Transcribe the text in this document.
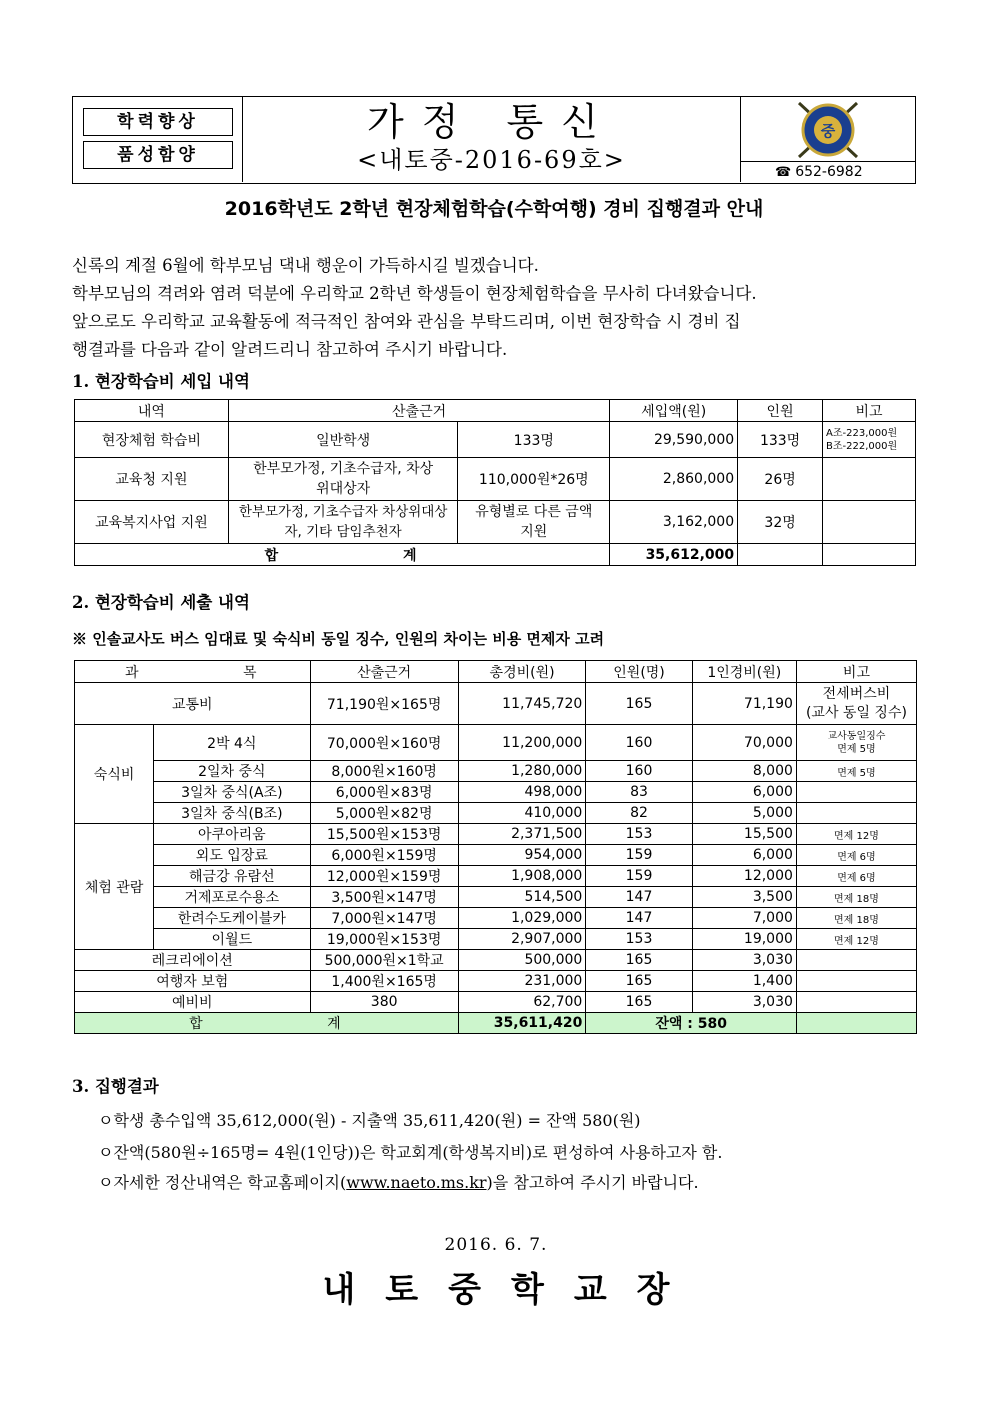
학력향상
품성함양
가정 통신
<내토중-2016-69호>
중
☎ 652-6982
2016학년도 2학년 현장체험학습(수학여행) 경비 집행결과 안내
신록의 계절 6월에 학부모님 댁내 행운이 가득하시길 빌겠습니다.
학부모님의 격려와 염려 덕분에 우리학교 2학년 학생들이 현장체험학습을 무사히 다녀왔습니다.
앞으로도 우리학교 교육활동에 적극적인 참여와 관심을 부탁드리며, 이번 현장학습 시 경비 집
행결과를 다음과 같이 알려드리니 참고하여 주시기 바랍니다.
1. 현장학습비 세입 내역
내역	산출근거		세입액(원)	인원	비고
현장체험 학습비	일반학생	133명	29,590,000	133명	A조-223,000원
B조-222,000원

교육청 지원	한부모가정, 기초수급자, 차상위대상자	110,000원*26명	2,860,000	26명	
교육복지사업 지원	한부모가정, 기초수급자 차상위대상자, 기타 담임추천자	유형별로 다른 금액 지원	3,162,000	32명	
합 계			35,612,000		
2. 현장학습비 세출 내역
※ 인솔교사도 버스 임대료 및 숙식비 동일 징수, 인원의 차이는 비용 면제자 고려
과 목		산출근거	총경비(원)	인원(명)	1인경비(원)	비고
교통비		71,190원×165명	11,745,720	165	71,190	전세버스비
(교사 동일 징수)

숙식비	2박 4식	70,000원×160명	11,200,000	160	70,000	교사동일징수
면제 5명

	2일차 중식	8,000원×160명	1,280,000	160	8,000	면제 5명
	3일차 중식(A조)	6,000원×83명	498,000	83	6,000	
	3일차 중식(B조)	5,000원×82명	410,000	82	5,000	
체험 관람	아쿠아리움	15,500원×153명	2,371,500	153	15,500	면제 12명
	외도 입장료	6,000원×159명	954,000	159	6,000	면제 6명
	해금강 유람선	12,000원×159명	1,908,000	159	12,000	면제 6명
	거제포로수용소	3,500원×147명	514,500	147	3,500	면제 18명
	한려수도케이블카	7,000원×147명	1,029,000	147	7,000	면제 18명
	이월드	19,000원×153명	2,907,000	153	19,000	면제 12명
레크리에이션		500,000원×1학교	500,000	165	3,030	
여행자 보험		1,400원×165명	231,000	165	1,400	
예비비		380	62,700	165	3,030	
합 계			35,611,420	잔액 : 580		
3. 집행결과
ㅇ학생 총수입액 35,612,000(원) - 지출액 35,611,420(원) = 잔액 580(원)
ㅇ잔액(580원÷165명= 4원(1인당))은 학교회계(학생복지비)로 편성하여 사용하고자 함.
ㅇ자세한 정산내역은 학교홈페이지(www.naeto.ms.kr)을 참고하여 주시기 바랍니다.
2016. 6. 7.
내토중학교장
